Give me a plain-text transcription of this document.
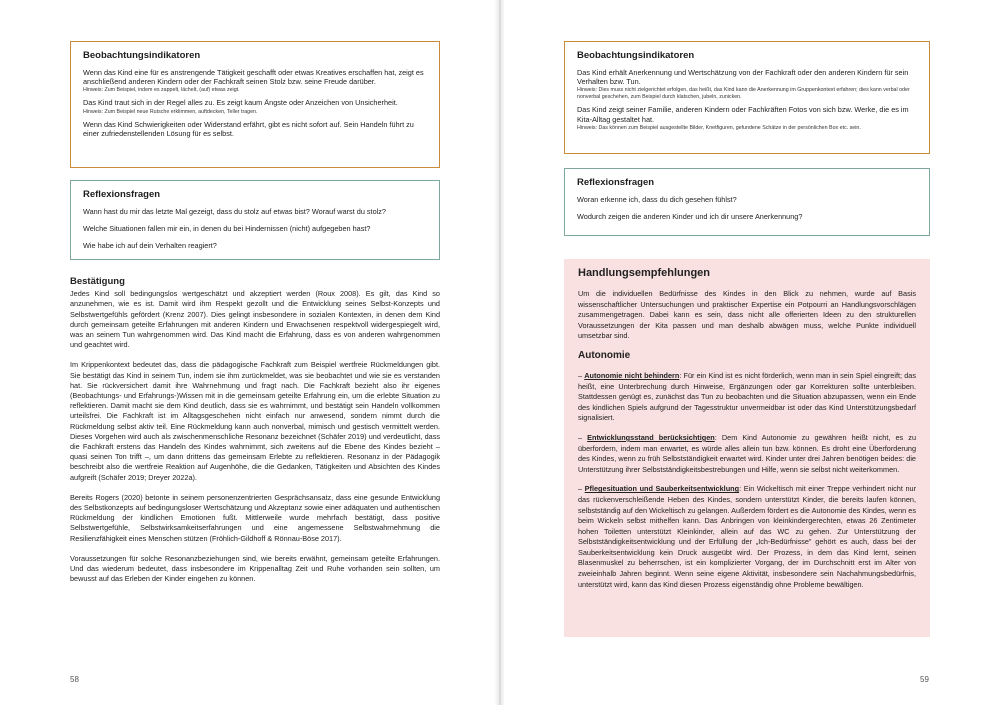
Beobachtungsindikatoren

Wenn das Kind eine für es anstrengende Tätigkeit geschafft oder etwas Kreatives erschaffen hat, zeigt es anschließend anderen Kindern oder der Fachkraft seinen Stolz bzw. seine Freude darüber.
Hinweis: Zum Beispiel, indem es zappelt, lächelt, (auf) etwas zeigt.

Das Kind traut sich in der Regel alles zu. Es zeigt kaum Ängste oder Anzeichen von Unsicherheit.
Hinweis: Zum Beispiel neue Rutsche erklimmen, auftdecken, Teller tragen.

Wenn das Kind Schwierigkeiten oder Widerstand erfährt, gibt es nicht sofort auf. Sein Handeln führt zu einer zufriedenstellenden Lösung für es selbst.

Reflexionsfragen

Wann hast du mir das letzte Mal gezeigt, dass du stolz auf etwas bist? Worauf warst du stolz?

Welche Situationen fallen mir ein, in denen du bei Hindernissen (nicht) aufgegeben hast?

Wie habe ich auf dein Verhalten reagiert?

Bestätigung

Jedes Kind soll bedingungslos wertgeschätzt und akzeptiert werden (Roux 2008). Es gilt, das Kind so anzunehmen, wie es ist. Damit wird ihm Respekt gezollt und die Entwicklung seines Selbst-Konzepts und Selbstwertgefühls gefördert (Krenz 2007). Dies gelingt insbesondere in sozialen Kontexten, in denen dem Kind durch gemeinsam geteilte Erfahrungen mit anderen Kindern und Erwachsenen respektvoll widergespiegelt wird, was an seinem Tun wahrgenommen wird. Das Kind macht die Erfahrung, dass es von anderen wahrgenommen und geachtet wird.

Im Krippenkontext bedeutet das, dass die pädagogische Fachkraft zum Beispiel wertfreie Rückmeldungen gibt. Sie bestätigt das Kind in seinem Tun, indem sie ihm zurückmeldet, was sie beobachtet und wie sie es verstanden hat. Sie rückversichert damit ihre Wahrnehmung und fragt nach. Die Fachkraft bezieht also ihr eigenes (Beobachtungs- und Erfahrungs-)Wissen mit in die gemeinsam geteilte Erfahrung ein, um die erlebte Situation zu reflektieren. Damit macht sie dem Kind deutlich, dass sie es wahrnimmt, und bestätigt sein Handeln vollkommen urteilsfrei. Die Fachkraft ist im Alltagsgeschehen nicht einfach nur anwesend, sondern nimmt durch die Rückmeldung selbst aktiv teil. Eine Rückmeldung kann auch nonverbal, mimisch und gestisch vermittelt werden. Dieses Vorgehen wird auch als zwischenmenschliche Resonanz bezeichnet (Schäfer 2019) und verdeutlicht, dass die Fachkraft erstens das Handeln des Kindes wahrnimmt, sich zweitens auf die Ebene des Kindes bezieht – quasi seinen Ton trifft –, um dann drittens das gemeinsam Erlebte zu reflektieren. Resonanz in der Pädagogik beschreibt also die wertfreie Reaktion auf Augenhöhe, die die Gedanken, Tätigkeiten und Absichten des Kindes aufgreift (Schäfer 2019; Dreyer 2022a).

Bereits Rogers (2020) betonte in seinem personenzentrierten Gesprächsansatz, dass eine gesunde Entwicklung des Selbstkonzepts auf bedingungsloser Wertschätzung und Akzeptanz sowie einer adäquaten und authentischen Rückmeldung der kindlichen Emotionen fußt. Mittlerweile wurde mehrfach bestätigt, dass positive Selbstwertgefühle, Selbstwirksamkeitserfahrungen und eine angemessene Selbstwahrnehmung die Resilienzfähigkeit eines Menschen stützen (Fröhlich-Gildhoff & Rönnau-Böse 2017).

Voraussetzungen für solche Resonanzbeziehungen sind, wie bereits erwähnt, gemeinsam geteilte Erfahrungen. Und das wiederum bedeutet, dass insbesondere im Krippenalltag Zeit und Ruhe vorhanden sein sollten, um bewusst auf das Erleben der Kinder eingehen zu können.

58
Beobachtungsindikatoren

Das Kind erhält Anerkennung und Wertschätzung von der Fachkraft oder den anderen Kindern für sein Verhalten bzw. Tun.
Hinweis: Dies muss nicht zielgerichtet erfolgen, das heißt, das Kind kann die Anerkennung im Gruppenkontext erfahren; dies kann verbal oder nonverbal geschehen, zum Beispiel durch klatschen, jubeln, zunicken.

Das Kind zeigt seiner Familie, anderen Kindern oder Fachkräften Fotos von sich bzw. Werke, die es im Kita-Alltag gestaltet hat.
Hinweis: Das können zum Beispiel ausgestellte Bilder, Knetfiguren, gefundene Schätze in der persönlichen Box etc. sein.

Reflexionsfragen

Woran erkenne ich, dass du dich gesehen fühlst?

Wodurch zeigen die anderen Kinder und ich dir unsere Anerkennung?

Handlungsempfehlungen

Um die individuellen Bedürfnisse des Kindes in den Blick zu nehmen, wurde auf Basis wissenschaftlicher Untersuchungen und praktischer Expertise ein Potpourri an Handlungsvorschlägen zusammengetragen. Dabei kann es sein, dass nicht alle offerierten Ideen zu den strukturellen Voraussetzungen der Kita passen und man deshalb abwägen muss, welche Punkte individuell umsetzbar sind.

Autonomie
– Autonomie nicht behindern: Für ein Kind ist es nicht förderlich, wenn man in sein Spiel eingreift; das heißt, eine Unterbrechung durch Hinweise, Ergänzungen oder gar Korrekturen sollte unterbleiben. Stattdessen genügt es, zunächst das Tun zu beobachten und die Situation abzupassen, wenn ein Ende des kindlichen Spiels aufgrund der Tagesstruktur unvermeidbar ist oder das Kind Unterstützungsbedarf signalisiert.
– Entwicklungsstand berücksichtigen: Dem Kind Autonomie zu gewähren heißt nicht, es zu überfordern, indem man erwartet, es würde alles allein tun bzw. können. Es droht eine Überforderung des Kindes, wenn zu früh Selbstständigkeit erwartet wird. Kinder unter drei Jahren benötigen beides: die Unterstützung ihrer Selbstständigkeitsbestrebungen und Hilfe, wenn sie selbst nicht weiterkommen.
– Pflegesituation und Sauberkeitsentwicklung: Ein Wickeltisch mit einer Treppe verhindert nicht nur das rückenverschleißende Heben des Kindes, sondern unterstützt Kinder, die bereits laufen können, selbstständig auf den Wickeltisch zu gelangen. Außerdem fördert es die Autonomie des Kindes, wenn es beim Wickeln selbst mithelfen kann. Das Anbringen von kleinkindergerechten, etwas 26 Zentimeter hohen Toiletten unterstützt Kleinkinder, allein auf das WC zu gehen. Zur Unterstützung der Selbstständigkeitsentwicklung und der Erfüllung der „Ich-Bedürfnisse" gehört es auch, dass bei der Sauberkeitsentwicklung kein Druck ausgeübt wird. Der Prozess, in dem das Kind lernt, seinen Blasenmuskel zu beherrschen, ist ein komplizierter Vorgang, der im Durchschnitt erst im Alter von zweieinhalb Jahren beginnt. Wenn seine eigene Aktivität, insbesondere sein Nachahmungsbedürfnis, unterstützt wird, kann das Kind diesen Prozess eigenständig ohne Probleme bewältigen.
59
